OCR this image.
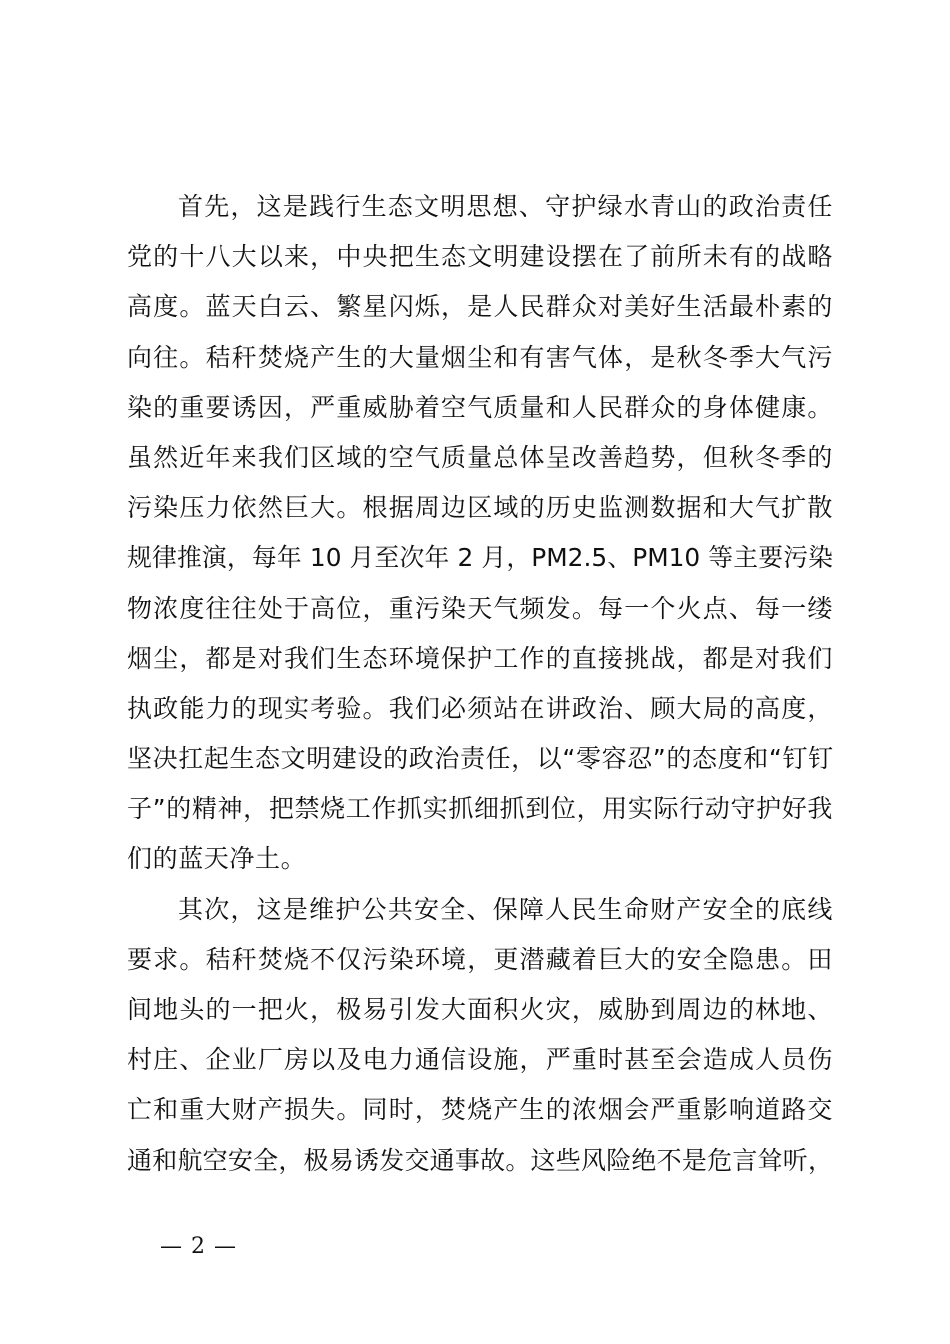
首先，这是践行生态文明思想、守护绿水青山的政治责任
党的十八大以来，中央把生态文明建设摆在了前所未有的战略
高度。蓝天白云、繁星闪烁，是人民群众对美好生活最朴素的
向往。秸秆焚烧产生的大量烟尘和有害气体，是秋冬季大气污
染的重要诱因，严重威胁着空气质量和人民群众的身体健康。
虽然近年来我们区域的空气质量总体呈改善趋势，但秋冬季的
污染压力依然巨大。根据周边区域的历史监测数据和大气扩散
规律推演，每年 10 月至次年 2 月，PM2.5、PM10 等主要污染
物浓度往往处于高位，重污染天气频发。每一个火点、每一缕
烟尘，都是对我们生态环境保护工作的直接挑战，都是对我们
执政能力的现实考验。我们必须站在讲政治、顾大局的高度，
坚决扛起生态文明建设的政治责任，以“零容忍”的态度和“钉钉
子”的精神，把禁烧工作抓实抓细抓到位，用实际行动守护好我
们的蓝天净土。
其次，这是维护公共安全、保障人民生命财产安全的底线
要求。秸秆焚烧不仅污染环境，更潜藏着巨大的安全隐患。田
间地头的一把火，极易引发大面积火灾，威胁到周边的林地、
村庄、企业厂房以及电力通信设施，严重时甚至会造成人员伤
亡和重大财产损失。同时，焚烧产生的浓烟会严重影响道路交
通和航空安全，极易诱发交通事故。这些风险绝不是危言耸听，
— 2 —
